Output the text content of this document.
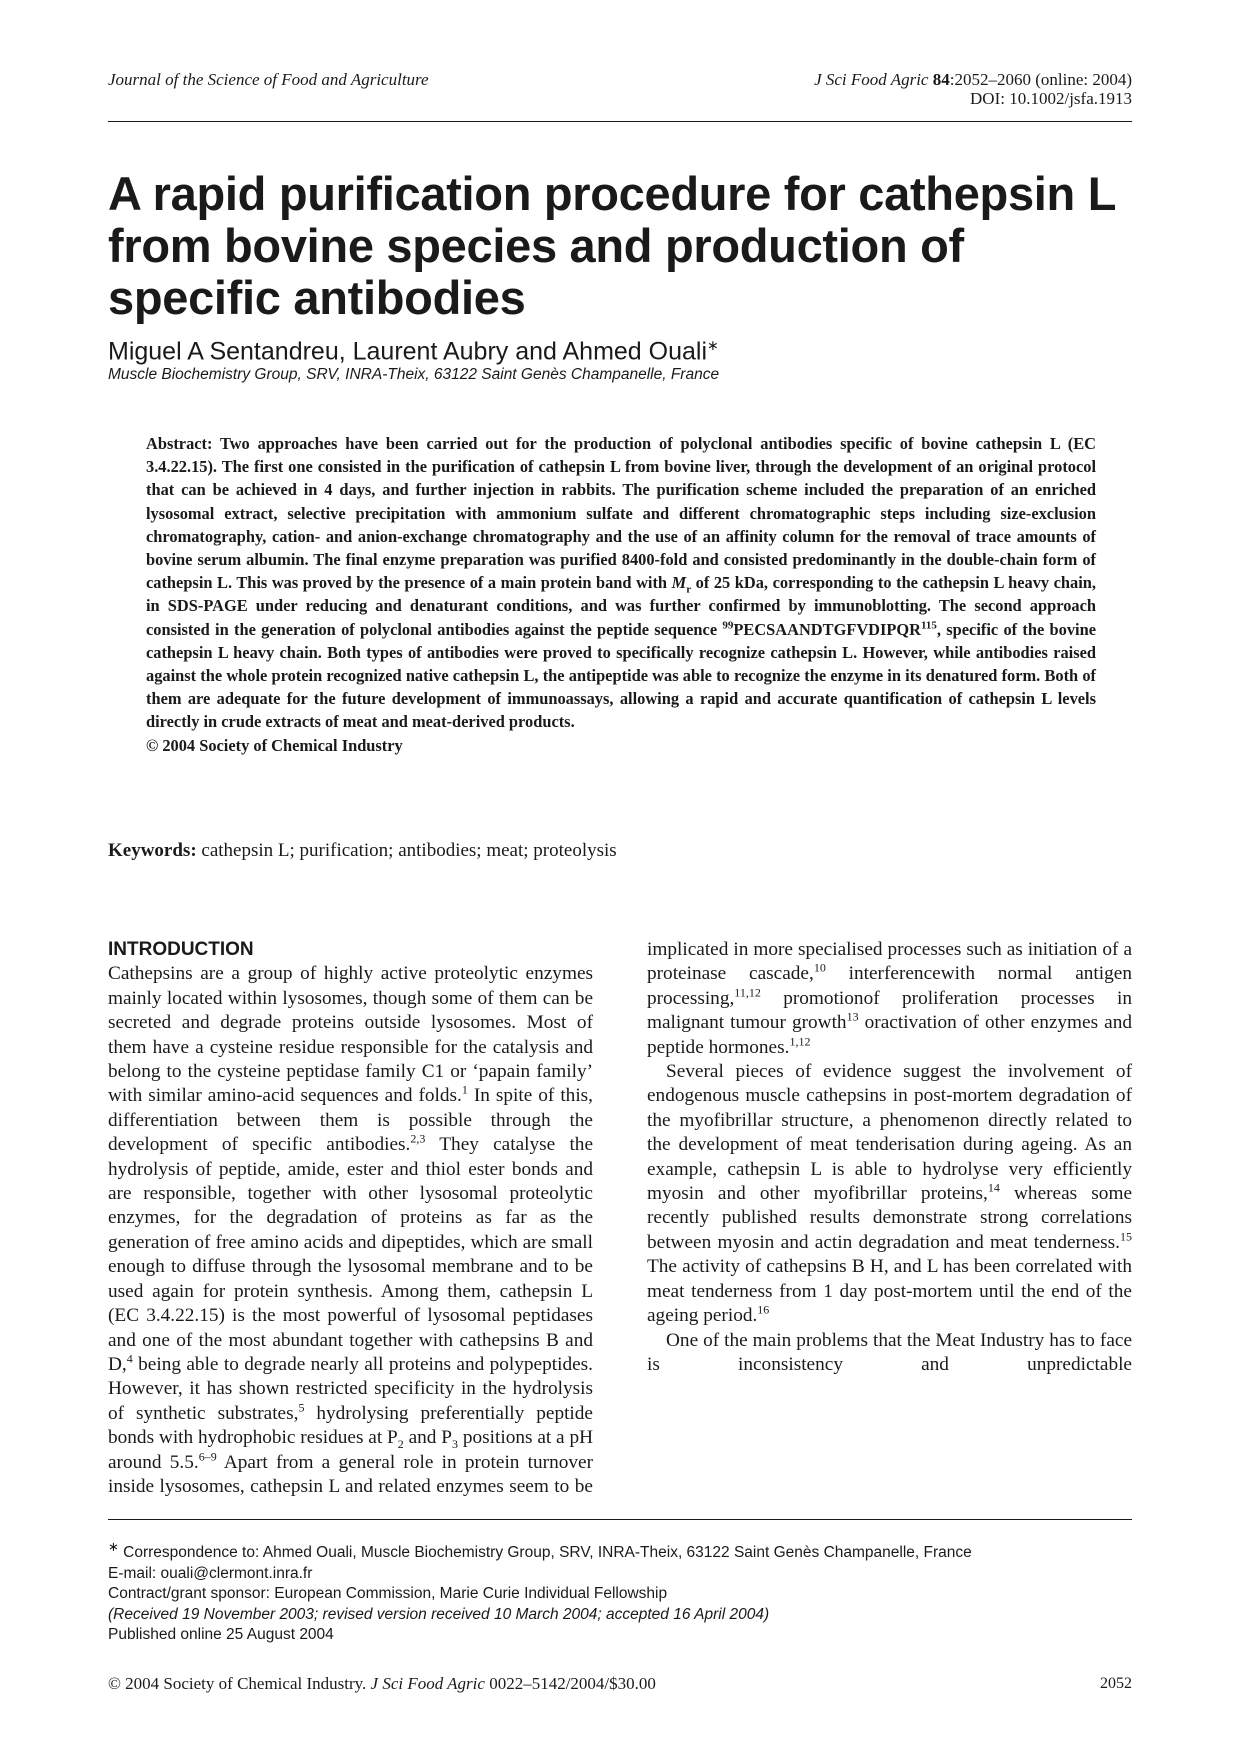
Journal of the Science of Food and Agriculture	J Sci Food Agric 84:2052–2060 (online: 2004)
DOI: 10.1002/jsfa.1913
A rapid purification procedure for cathepsin L from bovine species and production of specific antibodies
Miguel A Sentandreu, Laurent Aubry and Ahmed Ouali∗
Muscle Biochemistry Group, SRV, INRA-Theix, 63122 Saint Genès Champanelle, France

Abstract: Two approaches have been carried out for the production of polyclonal antibodies specific of bovine cathepsin L (EC 3.4.22.15). The first one consisted in the purification of cathepsin L from bovine liver, through the development of an original protocol that can be achieved in 4 days, and further injection in rabbits. The purification scheme included the preparation of an enriched lysosomal extract, selective precipitation with ammonium sulfate and different chromatographic steps including size-exclusion chromatography, cation- and anion-exchange chromatography and the use of an affinity column for the removal of trace amounts of bovine serum albumin. The final enzyme preparation was purified 8400-fold and consisted predominantly in the double-chain form of cathepsin L. This was proved by the presence of a main protein band with $M_r$ of 25 kDa, corresponding to the cathepsin L heavy chain, in SDS-PAGE under reducing and denaturant conditions, and was further confirmed by immunoblotting. The second approach consisted in the generation of polyclonal antibodies against the peptide sequence $^{99}$PECSAANDTGFVDIPQR$^{115}$, specific of the bovine cathepsin L heavy chain. Both types of antibodies were proved to specifically recognize cathepsin L. However, while antibodies raised against the whole protein recognized native cathepsin L, the antipeptide was able to recognize the enzyme in its denatured form. Both of them are adequate for the future development of immunoassays, allowing a rapid and accurate quantification of cathepsin L levels directly in crude extracts of meat and meat-derived products.
© 2004 Society of Chemical Industry

Keywords: cathepsin L; purification; antibodies; meat; proteolysis
INTRODUCTION

Cathepsins are a group of highly active proteolytic enzymes mainly located within lysosomes, though some of them can be secreted and degrade proteins outside lysosomes. Most of them have a cysteine residue responsible for the catalysis and belong to the cysteine peptidase family C1 or ‘papain family’ with similar amino-acid sequences and folds.$^1$ In spite of this, differentiation between them is possible through the development of specific antibodies.$^{2,3}$ They catalyse the hydrolysis of peptide, amide, ester and thiol ester bonds and are responsible, together with other lysosomal proteolytic enzymes, for the degradation of proteins as far as the generation of free amino acids and dipeptides, which are small enough to diffuse through the lysosomal membrane and to be used again for protein synthesis. Among them, cathepsin L (EC 3.4.22.15) is the most powerful of lysosomal peptidases and one of the most abundant together with cathepsins B and D,$^4$ being able to degrade nearly all proteins and polypeptides. However, it has shown restricted specificity in the hydrolysis of synthetic substrates,$^5$ hydrolysing preferentially peptide bonds with hydrophobic residues at $P_2$ and $P_3$ positions at a pH around 5.5.$^{6-9}$ Apart from a general role in protein turnover inside lysosomes, cathepsin L and related enzymes seem to be

implicated in more specialised processes such as initiation of a proteinase cascade,$^{10}$ interferencewith normal antigen processing,$^{11,12}$ promotionof proliferation processes in malignant tumour growth$^{13}$ oractivation of other enzymes and peptide hormones.$^{1,12}$

Several pieces of evidence suggest the involvement of endogenous muscle cathepsins in post-mortem degradation of the myofibrillar structure, a phenomenon directly related to the development of meat tenderisation during ageing. As an example, cathepsin L is able to hydrolyse very efficiently myosin and other myofibrillar proteins,$^{14}$ whereas some recently published results demonstrate strong correlations between myosin and actin degradation and meat tenderness.$^{15}$ The activity of cathepsins B H, and L has been correlated with meat tenderness from 1 day post-mortem until the end of the ageing period.$^{16}$

One of the main problems that the Meat Industry has to face is inconsistency and unpredictable

∗ Correspondence to: Ahmed Ouali, Muscle Biochemistry Group, SRV, INRA-Theix, 63122 Saint Genès Champanelle, France
E-mail: ouali@clermont.inra.fr
Contract/grant sponsor: European Commission, Marie Curie Individual Fellowship
(Received 19 November 2003; revised version received 10 March 2004; accepted 16 April 2004)
Published online 25 August 2004
© 2004 Society of Chemical Industry. J Sci Food Agric 0022–5142/2004/$30.00	2052
